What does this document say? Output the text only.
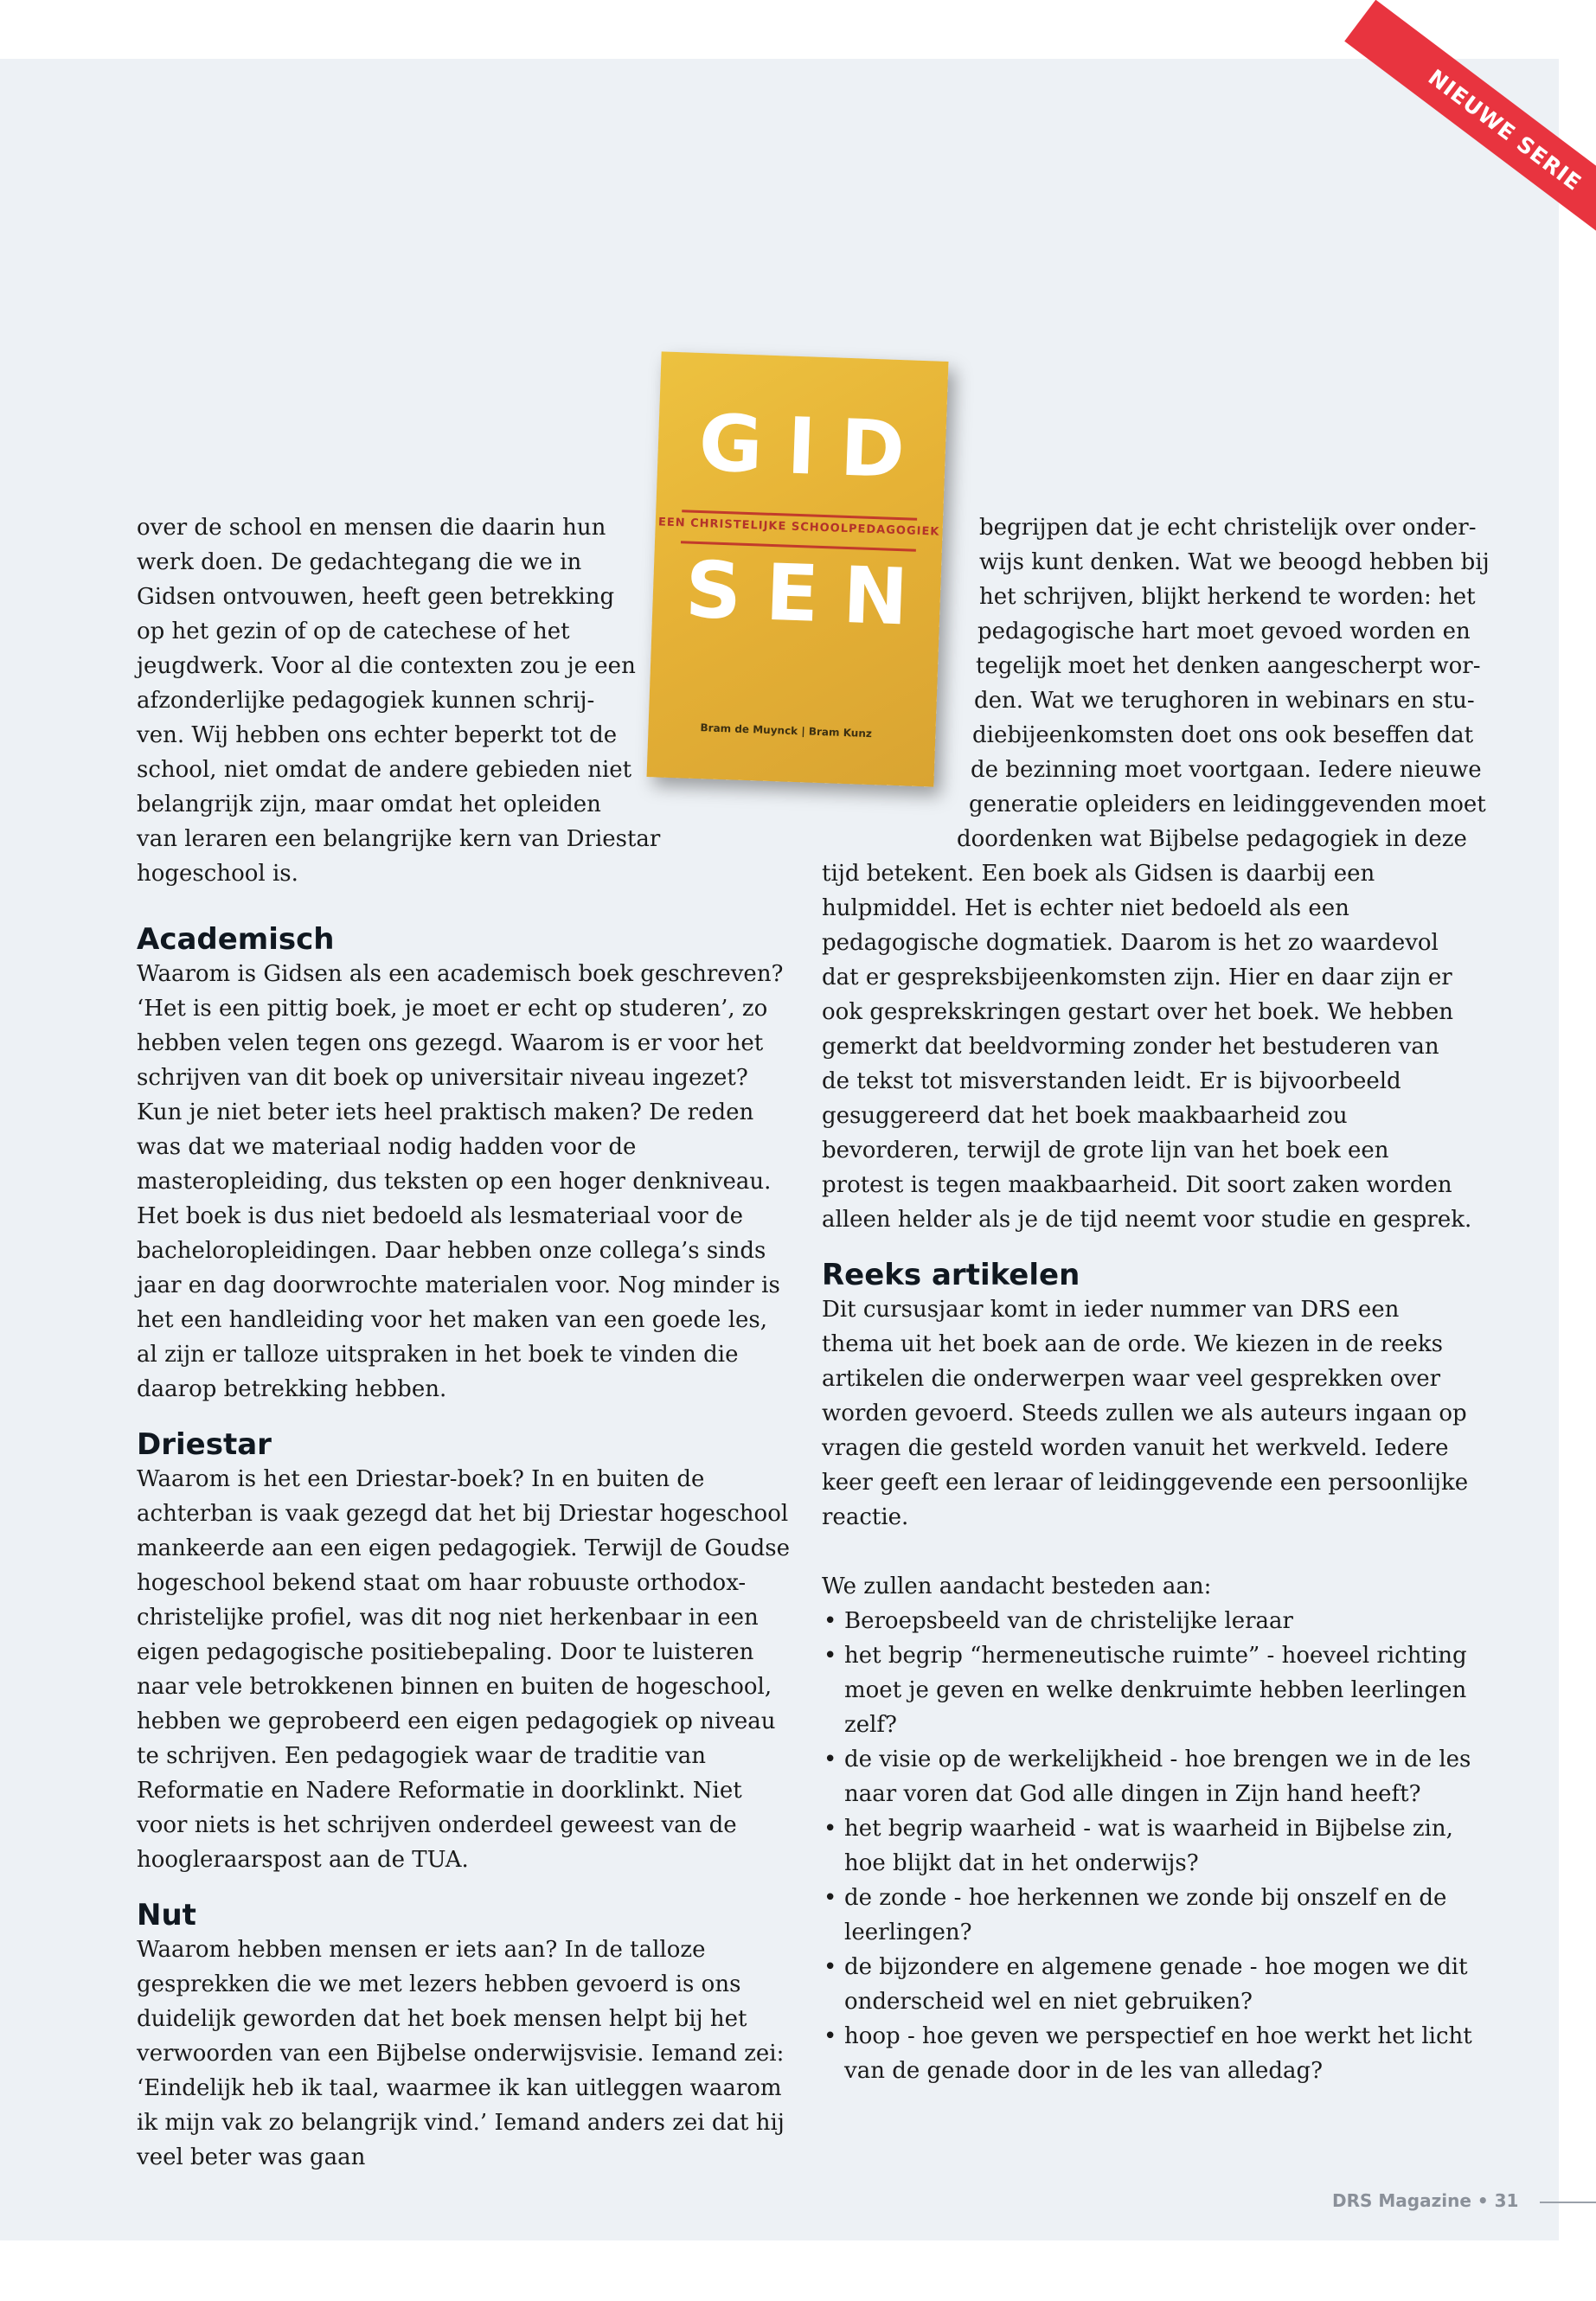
NIEUWE SERIE
GID
EEN CHRISTELIJKE SCHOOLPEDAGOGIEK
SEN
Bram de Muynck | Bram Kunz
over de school en mensen die daarin hun
werk doen. De gedachtegang die we in
Gidsen ontvouwen, heeft geen betrekking
op het gezin of op de catechese of het
jeugdwerk. Voor al die contexten zou je een
afzonderlijke pedagogiek kunnen schrij-
ven. Wij hebben ons echter beperkt tot de
school, niet omdat de andere gebieden niet
belangrijk zijn, maar omdat het opleiden
van leraren een belangrijke kern van Driestar
hogeschool is.
begrijpen dat je echt christelijk over onder-
wijs kunt denken. Wat we beoogd hebben bij
het schrijven, blijkt herkend te worden: het
pedagogische hart moet gevoed worden en
tegelijk moet het denken aangescherpt wor-
den. Wat we terughoren in webinars en stu-
diebijeenkomsten doet ons ook beseffen dat
de bezinning moet voortgaan. Iedere nieuwe
generatie opleiders en leidinggevenden moet
doordenken wat Bijbelse pedagogiek in deze
Academisch

Waarom is Gidsen als een academisch boek geschreven? ‘Het is een pittig boek, je moet er echt op studeren’, zo hebben velen tegen ons gezegd. Waarom is er voor het schrijven van dit boek op universitair niveau ingezet? Kun je niet beter iets heel praktisch maken? De reden was dat we materiaal nodig hadden voor de masteropleiding, dus teksten op een hoger denkniveau. Het boek is dus niet bedoeld als lesmateriaal voor de bacheloropleidingen. Daar hebben onze collega’s sinds jaar en dag doorwrochte materialen voor. Nog minder is het een handleiding voor het maken van een goede les, al zijn er talloze uitspraken in het boek te vinden die daarop betrekking hebben.

Driestar

Waarom is het een Driestar-boek? In en buiten de achterban is vaak gezegd dat het bij Driestar hogeschool mankeerde aan een eigen pedagogiek. Terwijl de Goudse hogeschool bekend staat om haar robuuste orthodox-christelijke profiel, was dit nog niet herkenbaar in een eigen pedagogische positiebepaling. Door te luisteren naar vele betrokkenen binnen en buiten de hogeschool, hebben we geprobeerd een eigen pedagogiek op niveau te schrijven. Een pedagogiek waar de traditie van Reformatie en Nadere Reformatie in doorklinkt. Niet voor niets is het schrijven onderdeel geweest van de hoogleraarspost aan de TUA.

Nut

Waarom hebben mensen er iets aan? In de talloze gesprekken die we met lezers hebben gevoerd is ons duidelijk geworden dat het boek mensen helpt bij het verwoorden van een Bijbelse onderwijsvisie. Iemand zei: ‘Eindelijk heb ik taal, waarmee ik kan uitleggen waarom ik mijn vak zo belangrijk vind.’ Iemand anders zei dat hij veel beter was gaan

tijd betekent. Een boek als Gidsen is daarbij een hulpmiddel. Het is echter niet bedoeld als een pedagogische dogmatiek. Daarom is het zo waardevol dat er gespreksbijeenkomsten zijn. Hier en daar zijn er ook gesprekskringen gestart over het boek. We hebben gemerkt dat beeldvorming zonder het bestuderen van de tekst tot misverstanden leidt. Er is bijvoorbeeld gesuggereerd dat het boek maakbaarheid zou bevorderen, terwijl de grote lijn van het boek een protest is tegen maakbaarheid. Dit soort zaken worden alleen helder als je de tijd neemt voor studie en gesprek.

Reeks artikelen

Dit cursusjaar komt in ieder nummer van DRS een thema uit het boek aan de orde. We kiezen in de reeks artikelen die onderwerpen waar veel gesprekken over worden gevoerd. Steeds zullen we als auteurs ingaan op vragen die gesteld worden vanuit het werkveld. Iedere keer geeft een leraar of leidinggevende een persoonlijke reactie.

We zullen aandacht besteden aan:

• Beroepsbeeld van de christelijke leraar
• het begrip “hermeneutische ruimte” - hoeveel richting moet je geven en welke denkruimte hebben leerlingen zelf?
• de visie op de werkelijkheid - hoe brengen we in de les naar voren dat God alle dingen in Zijn hand heeft?
• het begrip waarheid - wat is waarheid in Bijbelse zin, hoe blijkt dat in het onderwijs?
• de zonde - hoe herkennen we zonde bij onszelf en de leerlingen?
• de bijzondere en algemene genade - hoe mogen we dit onderscheid wel en niet gebruiken?
• hoop - hoe geven we perspectief en hoe werkt het licht van de genade door in de les van alledag?
DRS Magazine • 31
